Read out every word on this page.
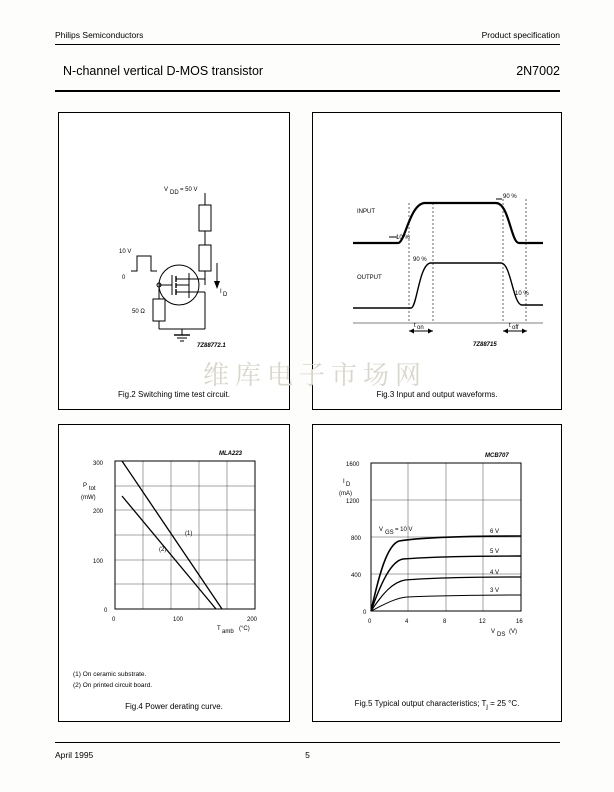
Philips Semiconductors	Product specification
N-channel vertical D-MOS transistor	2N7002
V DD = 50 V
I D
10 V
0
50 Ω
7Z88772.1
Fig.2 Switching time test circuit.
INPUT
90 %
10 %
OUTPUT
90 %
10 %
t on	t off
7Z88715
Fig.3 Input and output waveforms.
300
200
100
0
0	100	200
P tot
(mW)
T amb (°C)
(1)
(2)
MLA223
(1) On ceramic substrate.
(2) On printed circuit board.
Fig.4 Power derating curve.
1600
1200
800
400
0
0	4	8	12	16
I D
(mA)
V DS (V)
V GS = 10 V	6 V
5 V
4 V
3 V
MCB707
Fig.5 Typical output characteristics; $T_j = 25$ °C.
维库电子市场网
April 1995	5
